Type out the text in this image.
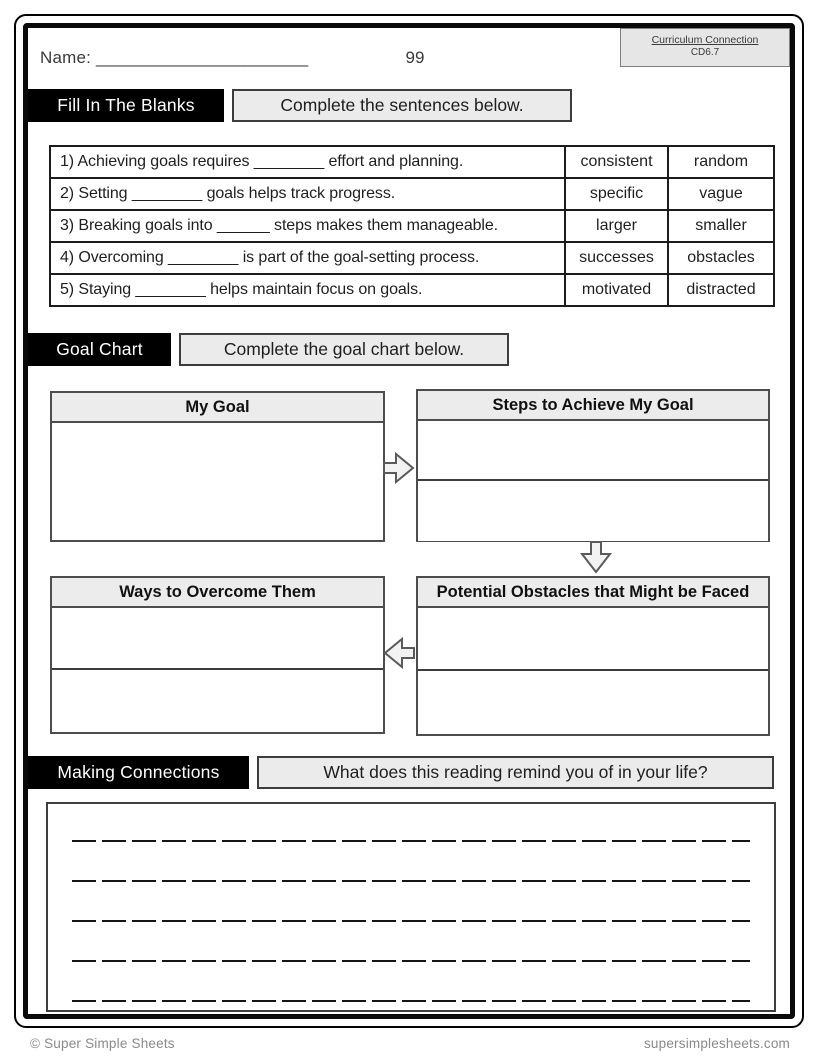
Curriculum Connection
CD6.7
Name: ______________________	99
Fill In The Blanks	Complete the sentences below.
1) Achieving goals requires ________ effort and planning.	consistent	random
2) Setting ________ goals helps track progress.	specific	vague
3) Breaking goals into ______ steps makes them manageable.	larger	smaller
4) Overcoming ________ is part of the goal-setting process.	successes	obstacles
5) Staying ________ helps maintain focus on goals.	motivated	distracted
Goal Chart	Complete the goal chart below.
My Goal	Steps to Achieve My Goal
Ways to Overcome Them	Potential Obstacles that Might be Faced
Making Connections	What does this reading remind you of in your life?
© Super Simple Sheets	supersimplesheets.com
